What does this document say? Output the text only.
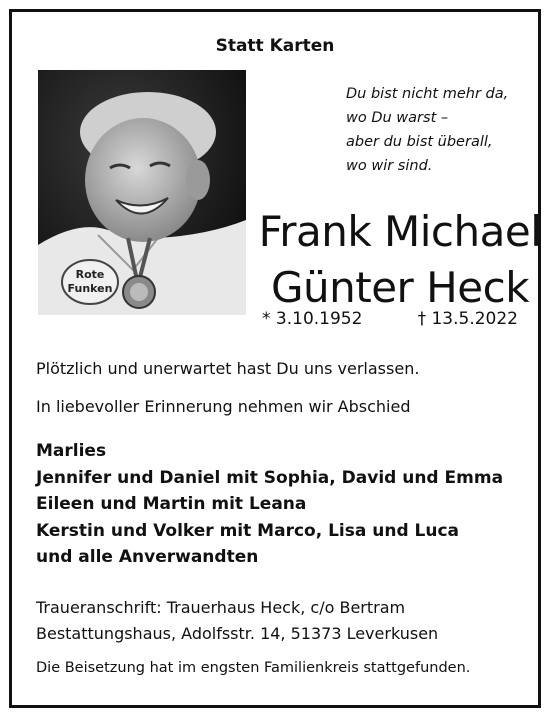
Statt Karten
Rote
Funken
Du bist nicht mehr da,
wo Du warst –
aber du bist überall,
wo wir sind.
Frank Michael
Günter Heck
* 3.10.1952	† 13.5.2022
Plötzlich und unerwartet hast Du uns verlassen.
In liebevoller Erinnerung nehmen wir Abschied
Marlies
Jennifer und Daniel mit Sophia, David und Emma
Eileen und Martin mit Leana
Kerstin und Volker mit Marco, Lisa und Luca
und alle Anverwandten
Traueranschrift: Trauerhaus Heck, c/o Bertram
Bestattungshaus, Adolfsstr. 14, 51373 Leverkusen
Die Beisetzung hat im engsten Familienkreis stattgefunden.
